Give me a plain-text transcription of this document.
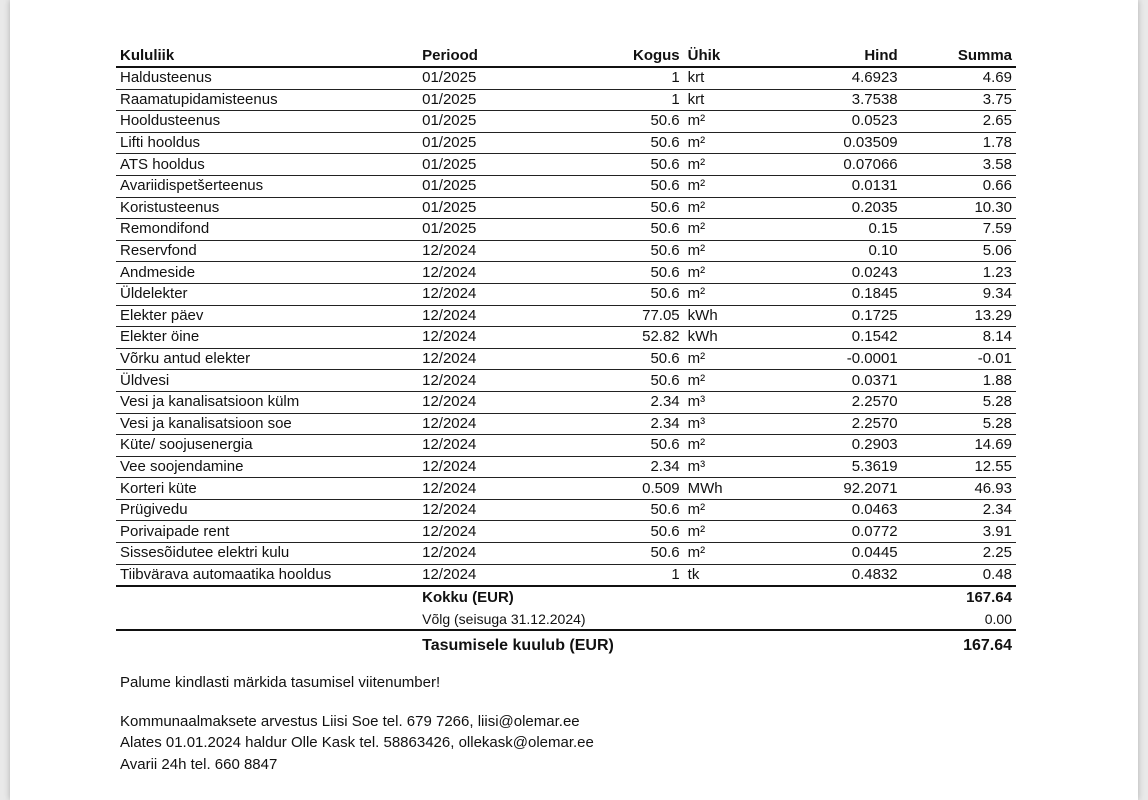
Kululiik	Periood	Kogus	Ühik	Hind	Summa
Haldusteenus	01/2025	1	krt	4.6923	4.69
Raamatupidamisteenus	01/2025	1	krt	3.7538	3.75
Hooldusteenus	01/2025	50.6	m²	0.0523	2.65
Lifti hooldus	01/2025	50.6	m²	0.03509	1.78
ATS hooldus	01/2025	50.6	m²	0.07066	3.58
Avariidispetšerteenus	01/2025	50.6	m²	0.0131	0.66
Koristusteenus	01/2025	50.6	m²	0.2035	10.30
Remondifond	01/2025	50.6	m²	0.15	7.59
Reservfond	12/2024	50.6	m²	0.10	5.06
Andmeside	12/2024	50.6	m²	0.0243	1.23
Üldelekter	12/2024	50.6	m²	0.1845	9.34
Elekter päev	12/2024	77.05	kWh	0.1725	13.29
Elekter öine	12/2024	52.82	kWh	0.1542	8.14
Võrku antud elekter	12/2024	50.6	m²	-0.0001	-0.01
Üldvesi	12/2024	50.6	m²	0.0371	1.88
Vesi ja kanalisatsioon külm	12/2024	2.34	m³	2.2570	5.28
Vesi ja kanalisatsioon soe	12/2024	2.34	m³	2.2570	5.28
Küte/ soojusenergia	12/2024	50.6	m²	0.2903	14.69
Vee soojendamine	12/2024	2.34	m³	5.3619	12.55
Korteri küte	12/2024	0.509	MWh	92.2071	46.93
Prügivedu	12/2024	50.6	m²	0.0463	2.34
Porivaipade rent	12/2024	50.6	m²	0.0772	3.91
Sissesõidutee elektri kulu	12/2024	50.6	m²	0.0445	2.25
Tiibvärava automaatika hooldus	12/2024	1	tk	0.4832	0.48
	Kokku (EUR)				167.64
	Võlg (seisuga 31.12.2024)				0.00
	Tasumisele kuulub (EUR)				167.64

Palume kindlasti märkida tasumisel viitenumber!

Kommunaalmaksete arvestus Liisi Soe tel. 679 7266, liisi@olemar.ee

Alates 01.01.2024 haldur Olle Kask tel. 58863426, ollekask@olemar.ee

Avarii 24h tel. 660 8847
